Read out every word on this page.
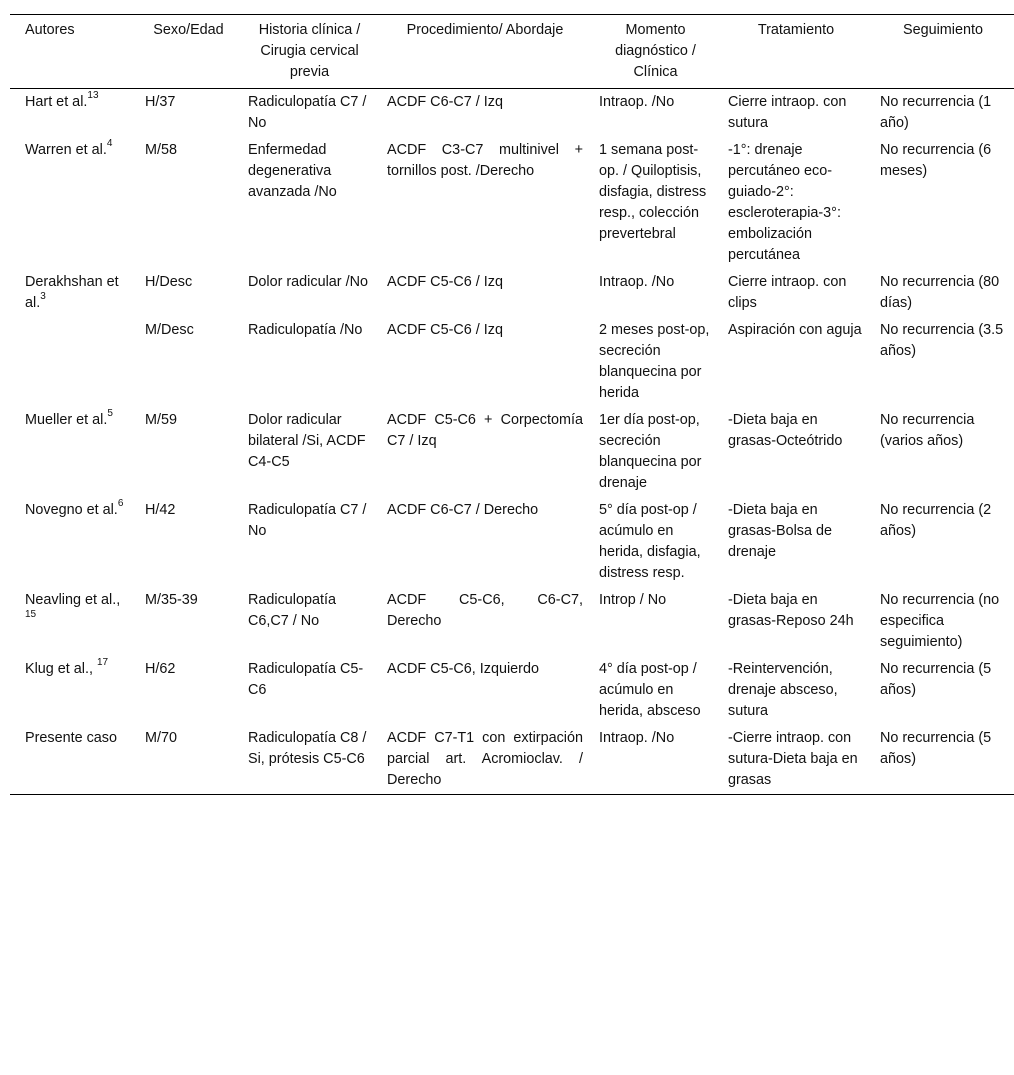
Autores	Sexo/Edad	Historia clínica / Cirugia cervical previa	Procedimiento/ Abordaje	Momento diagnóstico / Clínica	Tratamiento	Seguimiento
Hart et al.$^{13}$	H/37	Radiculopatía C7 / No	ACDF C6-C7 / Izq	Intraop. /No	Cierre intraop. con sutura	No recurrencia (1 año)
Warren et al.$^4$	M/58	Enfermedad degenerativa avanzada /No	ACDF C3-C7 multinivel + tornillos post. /Derecho	1 semana post-op. / Quiloptisis, disfagia, distress resp., colección prevertebral	-1°: drenaje percutáneo eco-guiado-2°: escleroterapia-3°: embolización percutánea	No recurrencia (6 meses)
Derakhshan et al.$^3$	H/Desc	Dolor radicular /No	ACDF C5-C6 / Izq	Intraop. /No	Cierre intraop. con clips	No recurrencia (80 días)
	M/Desc	Radiculopatía /No	ACDF C5-C6 / Izq	2 meses post-op, secreción blanquecina por herida	Aspiración con aguja	No recurrencia (3.5 años)
Mueller et al.$^5$	M/59	Dolor radicular bilateral /Si, ACDF C4-C5	ACDF C5-C6 + Corpectomía C7 / Izq	1er día post-op, secreción blanquecina por drenaje	-Dieta baja en grasas-Octeótrido	No recurrencia (varios años)
Novegno et al.$^6$	H/42	Radiculopatía C7 / No	ACDF C6-C7 / Derecho	5° día post-op / acúmulo en herida, disfagia, distress resp.	-Dieta baja en grasas-Bolsa de drenaje	No recurrencia (2 años)
Neavling et al., $^{15}$	M/35-39	Radiculopatía C6,C7 / No	ACDF C5-C6, C6-C7, Derecho	Introp / No	-Dieta baja en grasas-Reposo 24h	No recurrencia (no especifica seguimiento)
Klug et al., $^{17}$	H/62	Radiculopatía C5-C6	ACDF C5-C6, Izquierdo	4° día post-op / acúmulo en herida, absceso	-Reintervención, drenaje absceso, sutura	No recurrencia (5 años)
Presente caso	M/70	Radiculopatía C8 / Si, prótesis C5-C6	ACDF C7-T1 con extirpación parcial art. Acromioclav. / Derecho	Intraop. /No	-Cierre intraop. con sutura-Dieta baja en grasas	No recurrencia (5 años)
